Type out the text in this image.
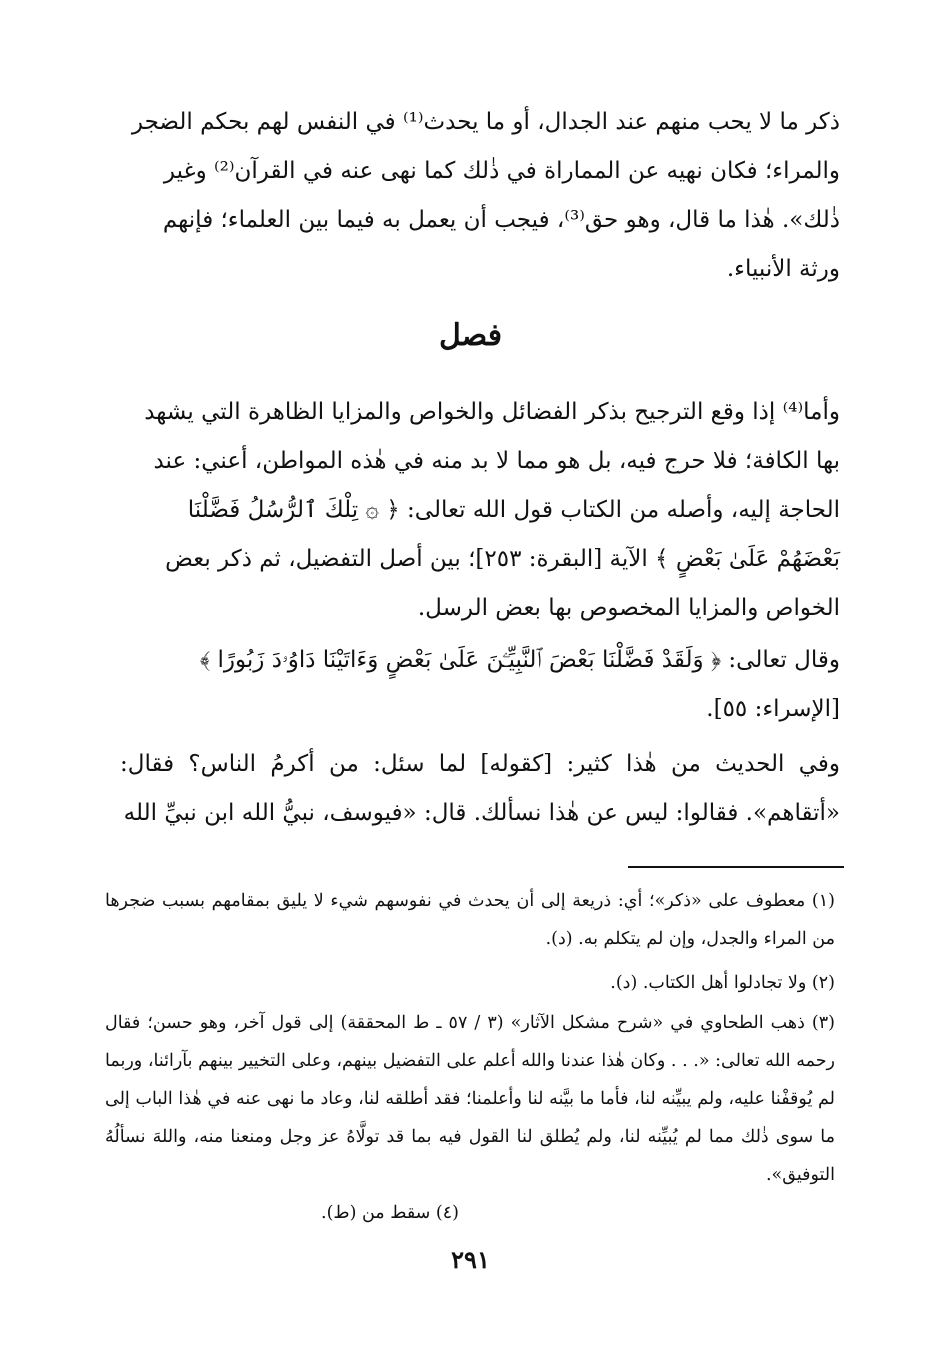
ذكر ما لا يحب منهم عند الجدال، أو ما يحدث⁽¹⁾ في النفس لهم بحكم الضجر والمراء؛ فكان نهيه عن المماراة في ذٰلك كما نهى عنه في القرآن⁽²⁾ وغير ذٰلك». هٰذا ما قال، وهو حق⁽³⁾، فيجب أن يعمل به فيما بين العلماء؛ فإنهم ورثة الأنبياء.

فصل

وأما⁽⁴⁾ إذا وقع الترجيح بذكر الفضائل والخواص والمزايا الظاهرة التي يشهد بها الكافة؛ فلا حرج فيه، بل هو مما لا بد منه في هٰذه المواطن، أعني: عند الحاجة إليه، وأصله من الكتاب قول الله تعالى: ﴿ ۞ تِلْكَ ٱلرُّسُلُ فَضَّلْنَا بَعْضَهُمْ عَلَىٰ بَعْضٍ ﴾ الآية [البقرة: ٢٥٣]؛ بين أصل التفضيل، ثم ذكر بعض الخواص والمزايا المخصوص بها بعض الرسل.

وقال تعالى: ﴿ وَلَقَدْ فَضَّلْنَا بَعْضَ ٱلنَّبِيِّـۧنَ عَلَىٰ بَعْضٍ وَءَاتَيْنَا دَاوُۥدَ زَبُورًا ﴾ [الإسراء: ٥٥].

وفي الحديث من هٰذا كثير: [كقوله] لما سئل: من أكرمُ الناس؟ فقال: «أتقاهم». فقالوا: ليس عن هٰذا نسألك. قال: «فيوسف، نبيُّ الله ابن نبيِّ الله

(١) معطوف على «ذكر»؛ أي: ذريعة إلى أن يحدث في نفوسهم شيء لا يليق بمقامهم بسبب ضجرها من المراء والجدل، وإن لم يتكلم به. (د).

(٢) ولا تجادلوا أهل الكتاب. (د).

(٣) ذهب الطحاوي في «شرح مشكل الآثار» (٣ / ٥٧ ـ ط المحققة) إلى قول آخر، وهو حسن؛ فقال رحمه الله تعالى: «. . . وكان هٰذا عندنا والله أعلم على التفضيل بينهم، وعلى التخيير بينهم بآرائنا، وربما لم يُوقفْنا عليه، ولم يبيِّنه لنا، فأما ما بيَّنه لنا وأعلمنا؛ فقد أطلقه لنا، وعاد ما نهى عنه في هٰذا الباب إلى ما سوى ذٰلك مما لم يُبيِّنه لنا، ولم يُطلق لنا القول فيه بما قد تولَّاهُ عز وجل ومنعنا منه، واللهَ نسألُهُ التوفيق».

(٤) سقط من (ط).

٢٩١
